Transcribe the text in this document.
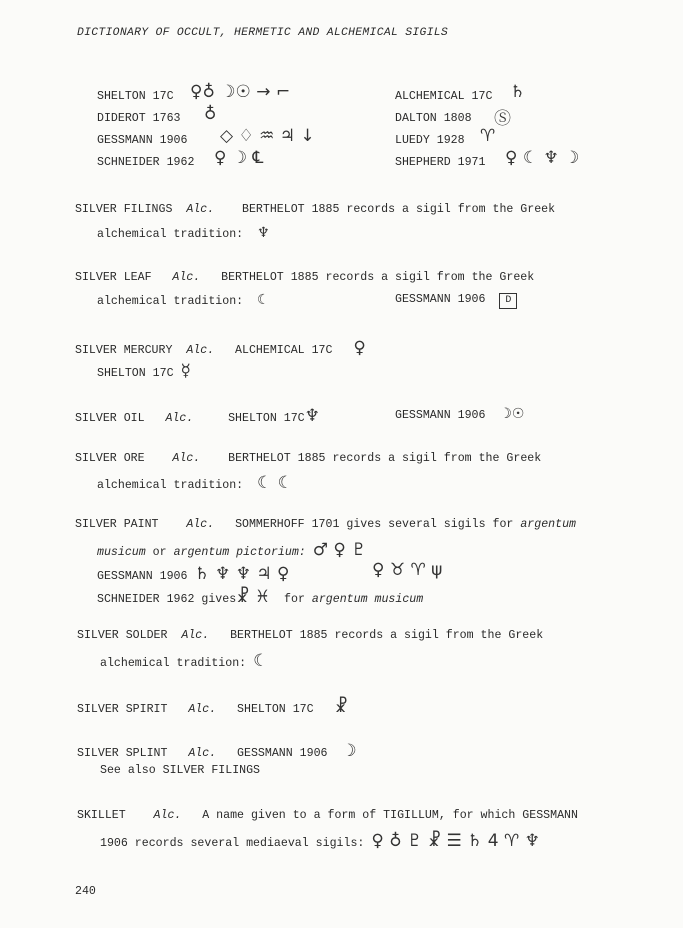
DICTIONARY OF OCCULT, HERMETIC AND ALCHEMICAL SIGILS
SHELTON 17C ♀♁ ☽☉ → ⌐
DIDEROT 1763 ♁
GESSMANN 1906 ◇ ♢ ♒ ♃ ↓
SCHNEIDER 1962 ♀ ☽ ℄
ALCHEMICAL 17C ♄
DALTON 1808 Ⓢ
LUEDY 1928 ♈
SHEPHERD 1971 ♀ ☾ ♆ ☽
SILVER FILINGS Alc. BERTHELOT 1885 records a sigil from the Greek
alchemical tradition: ♆
SILVER LEAF Alc. BERTHELOT 1885 records a sigil from the Greek
alchemical tradition: ☾	GESSMANN 1906 D
SILVER MERCURY Alc. ALCHEMICAL 17C ♀
SHELTON 17C ☿
SILVER OIL Alc.	SHELTON 17C♆	GESSMANN 1906 ☽☉
SILVER ORE Alc. BERTHELOT 1885 records a sigil from the Greek
alchemical tradition: ☾ ☾
SILVER PAINT Alc. SOMMERHOFF 1701 gives several sigils for argentum
musicum or argentum pictorium: ♂ ♀ ♇
GESSMANN 1906 ♄ ♆ ♆ ♃ ♀	♀ ♉ ♈ ψ
SCHNEIDER 1962 gives☧ ♓ for argentum musicum
SILVER SOLDER Alc. BERTHELOT 1885 records a sigil from the Greek
alchemical tradition: ☾
SILVER SPIRIT Alc. SHELTON 17C ☧
SILVER SPLINT Alc. GESSMANN 1906 ☽
See also SILVER FILINGS
SKILLET Alc. A name given to a form of TIGILLUM, for which GESSMANN
1906 records several mediaeval sigils: ♀ ♁ ♇ ☧ ☰ ♄ 4 ♈ ♆
240
